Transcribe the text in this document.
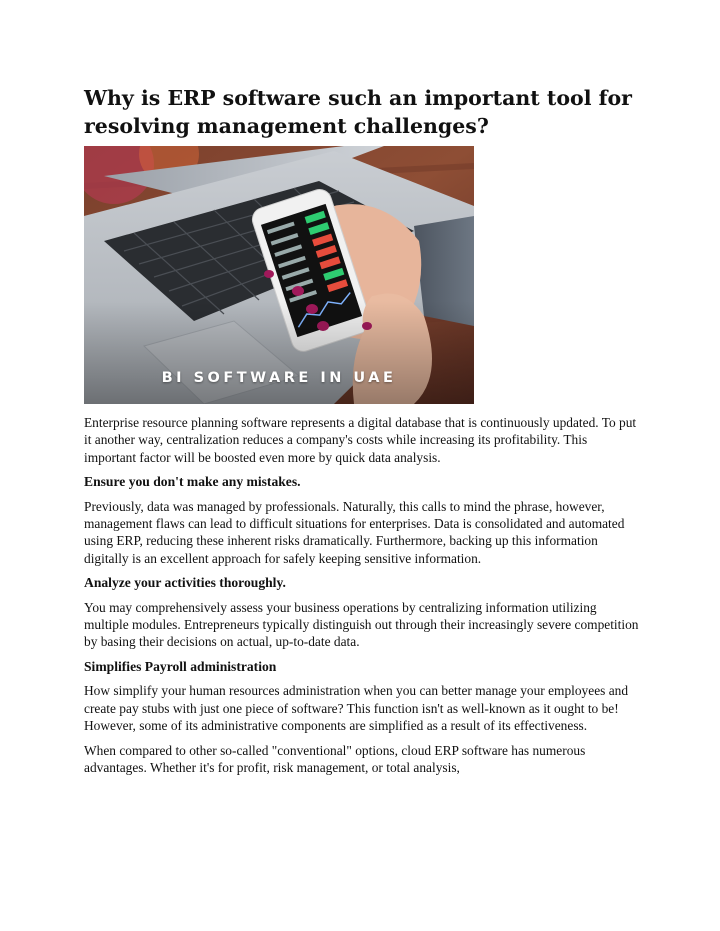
Why is ERP software such an important tool for resolving management challenges?
BI SOFTWARE IN UAE

Enterprise resource planning software represents a digital database that is continuously updated. To put it another way, centralization reduces a company's costs while increasing its profitability. This important factor will be boosted even more by quick data analysis.

Ensure you don't make any mistakes.

Previously, data was managed by professionals. Naturally, this calls to mind the phrase, however, management flaws can lead to difficult situations for enterprises. Data is consolidated and automated using ERP, reducing these inherent risks dramatically. Furthermore, backing up this information digitally is an excellent approach for safely keeping sensitive information.

Analyze your activities thoroughly.

You may comprehensively assess your business operations by centralizing information utilizing multiple modules. Entrepreneurs typically distinguish out through their increasingly severe competition by basing their decisions on actual, up-to-date data.

Simplifies Payroll administration

How simplify your human resources administration when you can better manage your employees and create pay stubs with just one piece of software? This function isn't as well-known as it ought to be! However, some of its administrative components are simplified as a result of its effectiveness.

When compared to other so-called "conventional" options, cloud ERP software has numerous advantages. Whether it's for profit, risk management, or total analysis,
